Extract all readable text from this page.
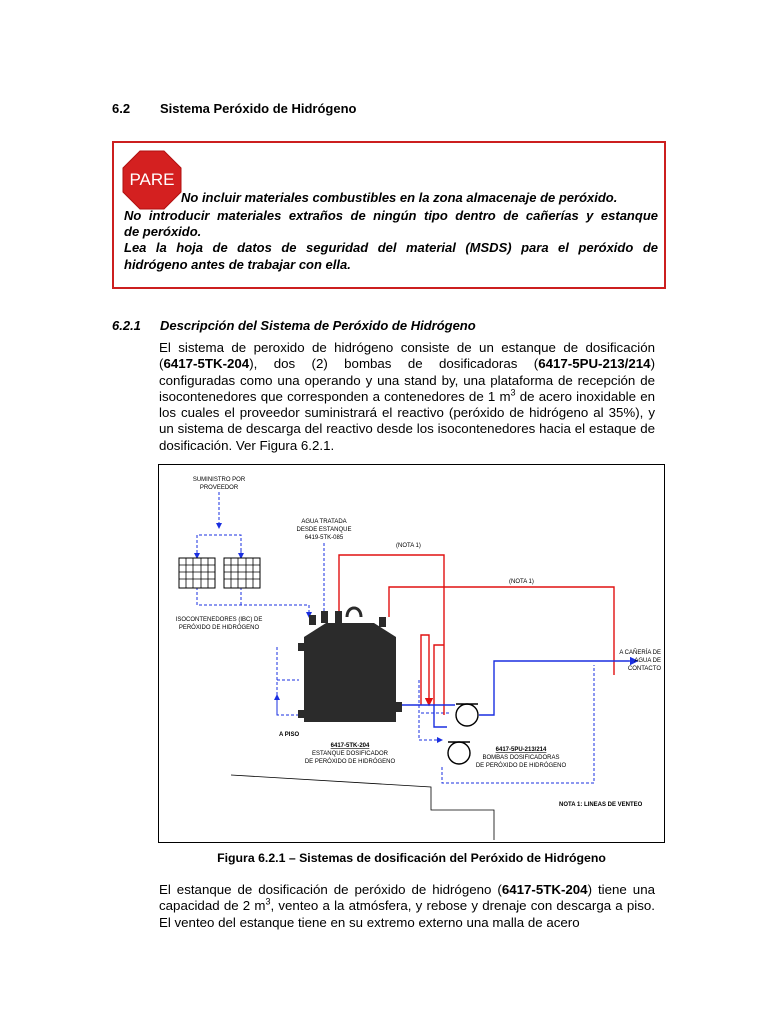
6.2 Sistema Peróxido de Hidrógeno
PARE
No incluir materiales combustibles en la zona almacenaje de peróxido.
No introducir materiales extraños de ningún tipo dentro de cañerías y estanque
de peróxido.
Lea la hoja de datos de seguridad del material (MSDS) para el peróxido de
hidrógeno antes de trabajar con ella.
6.2.1 Descripción del Sistema de Peróxido de Hidrógeno
El sistema de peroxido de hidrógeno consiste de un estanque de dosificación (6417-5TK-204), dos (2) bombas de dosificadoras (6417-5PU-213/214) configuradas como una operando y una stand by, una plataforma de recepción de isocontenedores que corresponden a contenedores de 1 $m^3$ de acero inoxidable en los cuales el proveedor suministrará el reactivo (peróxido de hidrógeno al 35%), y un sistema de descarga del reactivo desde los isocontenedores hacia el estaque de dosificación. Ver Figura 6.2.1.
SUMINISTRO POR
PROVEEDOR
ISOCONTENEDORES (IBC) DE
PERÓXIDO DE HIDRÓGENO
AGUA TRATADA
DESDE ESTANQUE
6419-5TK-085
(NOTA 1)
(NOTA 1)
6417-5TK-204
ESTANQUE DOSIFICADOR
DE PERÓXIDO DE HIDRÓGENO
A PISO
6417-5PU-213/214
BOMBAS DOSIFICADORAS
DE PERÓXIDO DE HIDRÓGENO
A CAÑERÍA DE
AGUA DE
CONTACTO
NOTA 1: LINEAS DE VENTEO
Figura 6.2.1 – Sistemas de dosificación del Peróxido de Hidrógeno
El estanque de dosificación de peróxido de hidrógeno (6417-5TK-204) tiene una capacidad de 2 $m^3$, venteo a la atmósfera, y rebose y drenaje con descarga a piso. El venteo del estanque tiene en su extremo externo una malla de acero
